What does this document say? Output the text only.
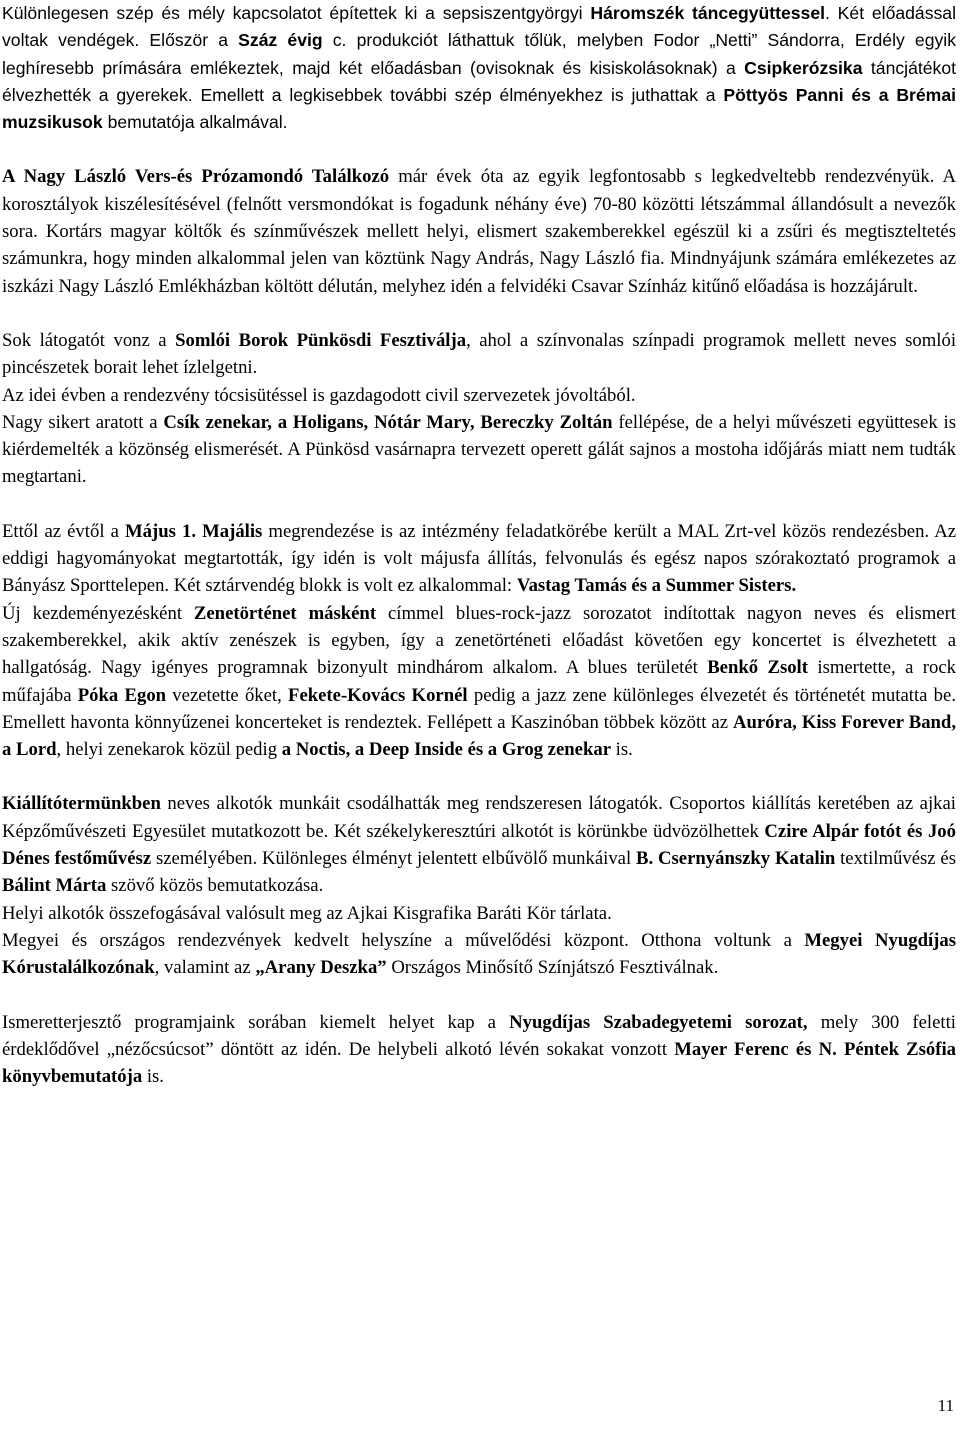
Különlegesen szép és mély kapcsolatot építettek ki a sepsiszentgyörgyi Háromszék táncegyüttessel. Két előadással voltak vendégek. Először a Száz évig c. produkciót láthattuk tőlük, melyben Fodor „Netti” Sándorra, Erdély egyik leghíresebb prímására emlékeztek, majd két előadásban (ovisoknak és kisiskolásoknak) a Csipkerózsika táncjátékot élvezhették a gyerekek. Emellett a legkisebbek további szép élményekhez is juthattak a Pöttyös Panni és a Brémai muzsikusok bemutatója alkalmával.

A Nagy László Vers-és Prózamondó Találkozó már évek óta az egyik legfontosabb s legkedveltebb rendezvényük. A korosztályok kiszélesítésével (felnőtt versmondókat is fogadunk néhány éve) 70-80 közötti létszámmal állandósult a nevezők sora. Kortárs magyar költők és színművészek mellett helyi, elismert szakemberekkel egészül ki a zsűri és megtiszteltetés számunkra, hogy minden alkalommal jelen van köztünk Nagy András, Nagy László fia. Mindnyájunk számára emlékezetes az iszkázi Nagy László Emlékházban költött délután, melyhez idén a felvidéki Csavar Színház kitűnő előadása is hozzájárult.

Sok látogatót vonz a Somlói Borok Pünkösdi Fesztiválja, ahol a színvonalas színpadi programok mellett neves somlói pincészetek borait lehet ízlelgetni.

Az idei évben a rendezvény tócsisütéssel is gazdagodott civil szervezetek jóvoltából.

Nagy sikert aratott a Csík zenekar, a Holigans, Nótár Mary, Bereczky Zoltán fellépése, de a helyi művészeti együttesek is kiérdemelték a közönség elismerését. A Pünkösd vasárnapra tervezett operett gálát sajnos a mostoha időjárás miatt nem tudták megtartani.

Ettől az évtől a Május 1. Majális megrendezése is az intézmény feladatkörébe került a MAL Zrt-vel közös rendezésben. Az eddigi hagyományokat megtartották, így idén is volt májusfa állítás, felvonulás és egész napos szórakoztató programok a Bányász Sporttelepen. Két sztárvendég blokk is volt ez alkalommal: Vastag Tamás és a Summer Sisters.

Új kezdeményezésként Zenetörténet másként címmel blues-rock-jazz sorozatot indítottak nagyon neves és elismert szakemberekkel, akik aktív zenészek is egyben, így a zenetörténeti előadást követően egy koncertet is élvezhetett a hallgatóság. Nagy igényes programnak bizonyult mindhárom alkalom. A blues területét Benkő Zsolt ismertette, a rock műfajába Póka Egon vezetette őket, Fekete-Kovács Kornél pedig a jazz zene különleges élvezetét és történetét mutatta be. Emellett havonta könnyűzenei koncerteket is rendeztek. Fellépett a Kaszinóban többek között az Auróra, Kiss Forever Band, a Lord, helyi zenekarok közül pedig a Noctis, a Deep Inside és a Grog zenekar is.

Kiállítótermünkben neves alkotók munkáit csodálhatták meg rendszeresen látogatók. Csoportos kiállítás keretében az ajkai Képzőművészeti Egyesület mutatkozott be. Két székelykeresztúri alkotót is körünkbe üdvözölhettek Czire Alpár fotót és Joó Dénes festőművész személyében. Különleges élményt jelentett elbűvölő munkáival B. Csernyánszky Katalin textilművész és Bálint Márta szövő közös bemutatkozása.

Helyi alkotók összefogásával valósult meg az Ajkai Kisgrafika Baráti Kör tárlata.

Megyei és országos rendezvények kedvelt helyszíne a művelődési központ. Otthona voltunk a Megyei Nyugdíjas Kórustalálkozónak, valamint az „Arany Deszka” Országos Minősítő Színjátszó Fesztiválnak.

Ismeretterjesztő programjaink sorában kiemelt helyet kap a Nyugdíjas Szabadegyetemi sorozat, mely 300 feletti érdeklődővel „nézőcsúcsot” döntött az idén. De helybeli alkotó lévén sokakat vonzott Mayer Ferenc és N. Péntek Zsófia könyvbemutatója is.

11
